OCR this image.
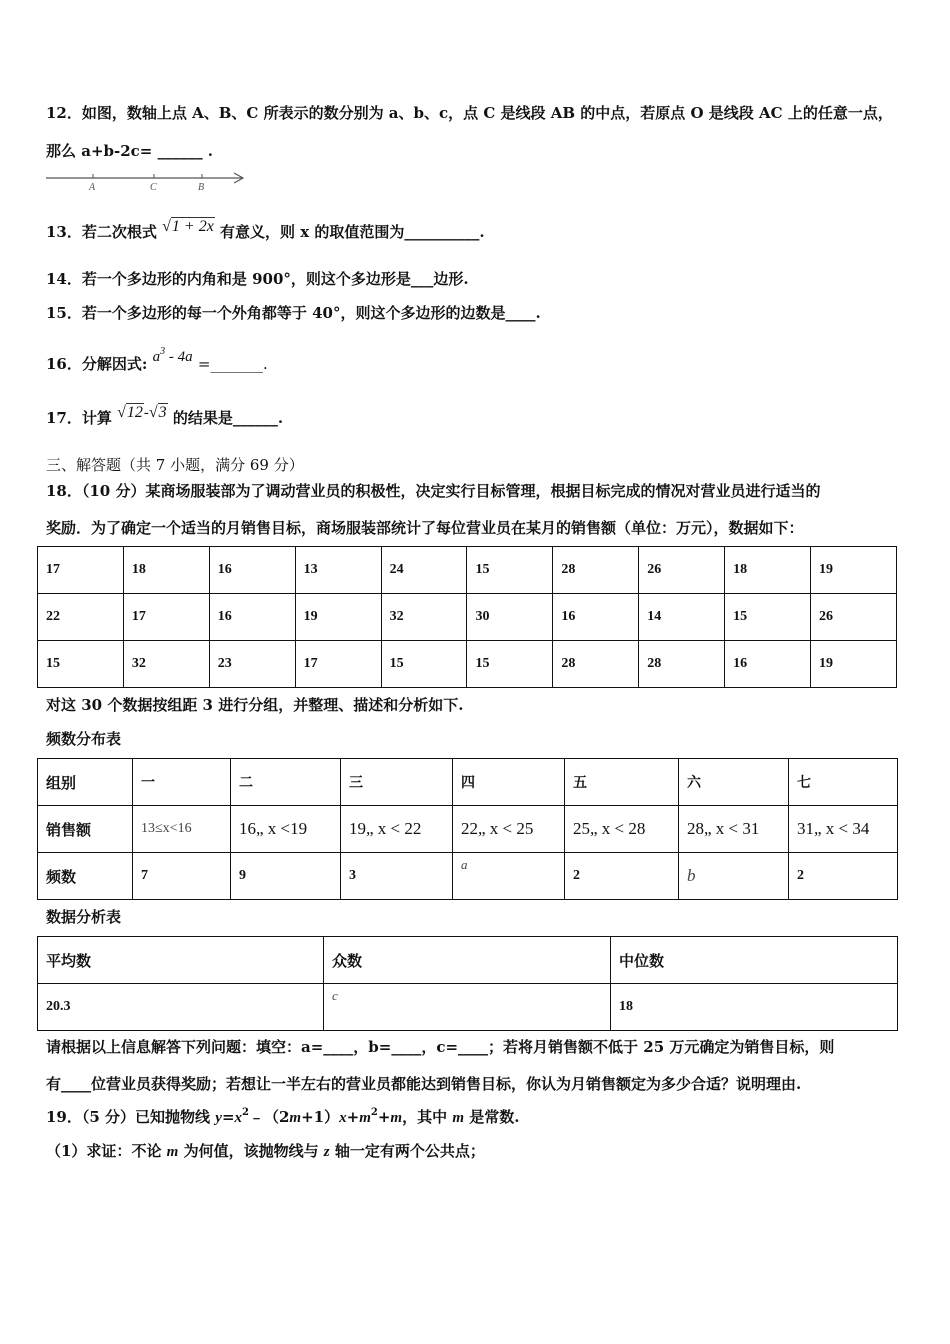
12．如图，数轴上点 A、B、C 所表示的数分别为 a、b、c，点 C 是线段 AB 的中点，若原点 O 是线段 AC 上的任意一点，
那么 a+b-2c= ______ .
A	C	B
13．若二次根式 √1 + 2x 有意义，则 x 的取值范围为__________.
14．若一个多边形的内角和是 900°，则这个多边形是___边形.
15．若一个多边形的每一个外角都等于 40°，则这个多边形的边数是____.
16．分解因式: $a^3 - 4a$ =_______.
17．计算 √12-√3 的结果是______.
三、解答题（共 7 小题，满分 69 分）
18．（10 分）某商场服装部为了调动营业员的积极性，决定实行目标管理，根据目标完成的情况对营业员进行适当的
奖励．为了确定一个适当的月销售目标，商场服装部统计了每位营业员在某月的销售额（单位：万元），数据如下：
17	18	16	13	24	15	28	26	18	19
22	17	16	19	32	30	16	14	15	26
15	32	23	17	15	15	28	28	16	19
对这 30 个数据按组距 3 进行分组，并整理、描述和分析如下.
频数分布表
组别	一	二	三	四	五	六	七
销售额	13≤x<16	16„ x <19	19„ x < 22	22„ x < 25	25„ x < 28	28„ x < 31	31„ x < 34
频数	7	9	3	a	2	b	2
数据分析表
平均数	众数	中位数
20.3	c	18
请根据以上信息解答下列问题：填空：a=____，b=____，c=____；若将月销售额不低于 25 万元确定为销售目标，则
有____位营业员获得奖励；若想让一半左右的营业员都能达到销售目标，你认为月销售额定为多少合适？说明理由.
19．（5 分）已知抛物线 $y=x^2﹣(2m+1)x+m^2+m$，其中 m 是常数.
（1）求证：不论 m 为何值，该抛物线与 z 轴一定有两个公共点；
